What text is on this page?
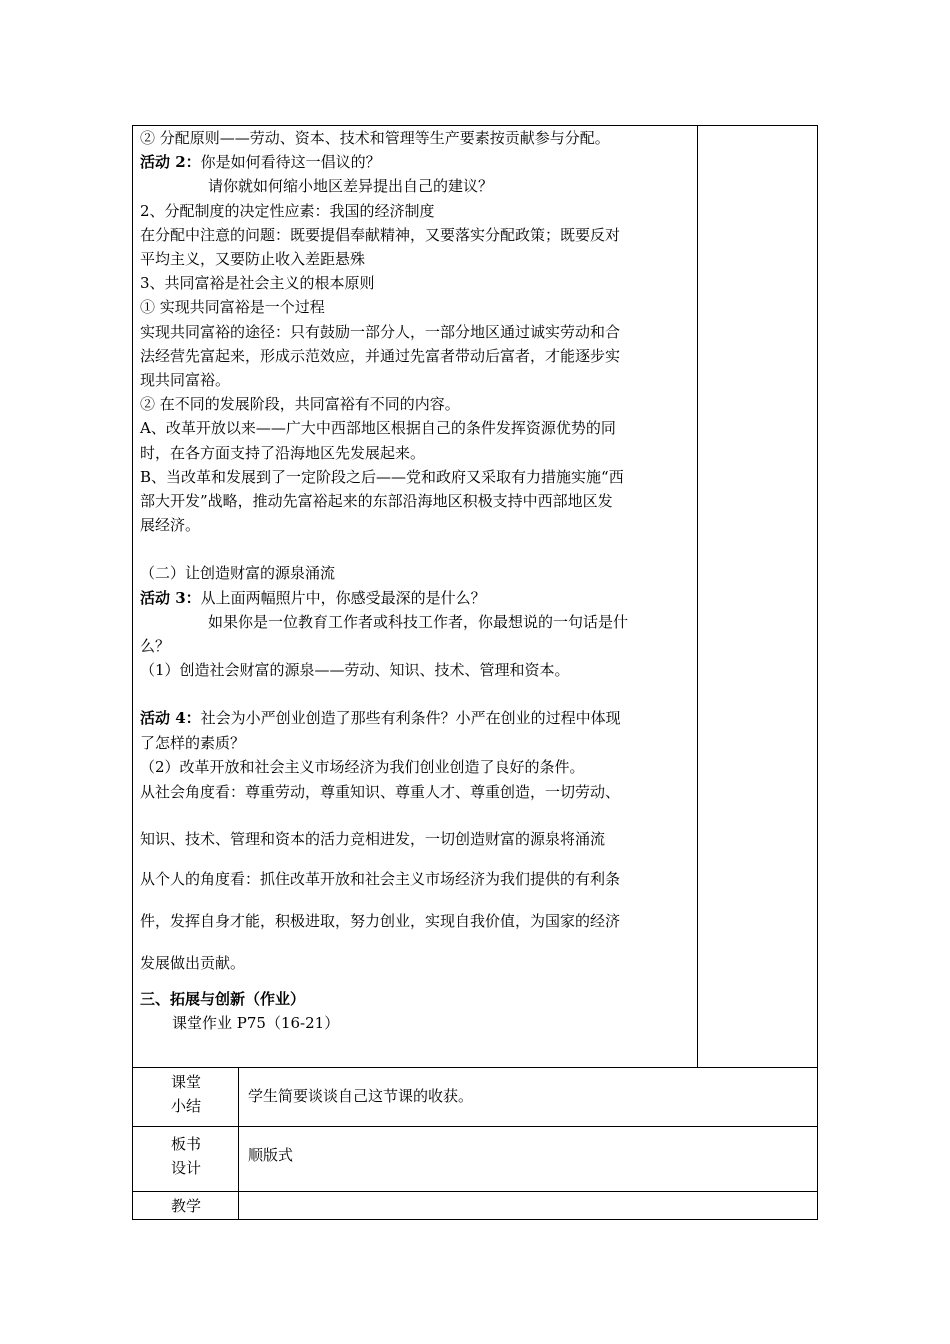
② 分配原则——劳动、资本、技术和管理等生产要素按贡献参与分配。

活动 2：你是如何看待这一倡议的？

请你就如何缩小地区差异提出自己的建议？

2、分配制度的决定性应素：我国的经济制度

在分配中注意的问题：既要提倡奉献精神，又要落实分配政策；既要反对

平均主义，又要防止收入差距悬殊

3、共同富裕是社会主义的根本原则

① 实现共同富裕是一个过程

实现共同富裕的途径：只有鼓励一部分人，一部分地区通过诚实劳动和合

法经营先富起来，形成示范效应，并通过先富者带动后富者，才能逐步实

现共同富裕。

② 在不同的发展阶段，共同富裕有不同的内容。

A、改革开放以来——广大中西部地区根据自己的条件发挥资源优势的同

时，在各方面支持了沿海地区先发展起来。

B、当改革和发展到了一定阶段之后——党和政府又采取有力措施实施“西

部大开发”战略，推动先富裕起来的东部沿海地区积极支持中西部地区发

展经济。

（二）让创造财富的源泉涌流

活动 3：从上面两幅照片中，你感受最深的是什么？

如果你是一位教育工作者或科技工作者，你最想说的一句话是什

么？

（1）创造社会财富的源泉——劳动、知识、技术、管理和资本。

活动 4：社会为小严创业创造了那些有利条件？小严在创业的过程中体现

了怎样的素质？

（2）改革开放和社会主义市场经济为我们创业创造了良好的条件。

从社会角度看：尊重劳动，尊重知识、尊重人才、尊重创造，一切劳动、

知识、技术、管理和资本的活力竞相进发，一切创造财富的源泉将涌流

从个人的角度看：抓住改革开放和社会主义市场经济为我们提供的有利条

件，发挥自身才能，积极进取，努力创业，实现自我价值，为国家的经济

发展做出贡献。

三、拓展与创新（作业）

课堂作业 P75（16-21）

课堂
小结
学生简要谈谈自己这节课的收获。
板书
设计
顺版式
教学
